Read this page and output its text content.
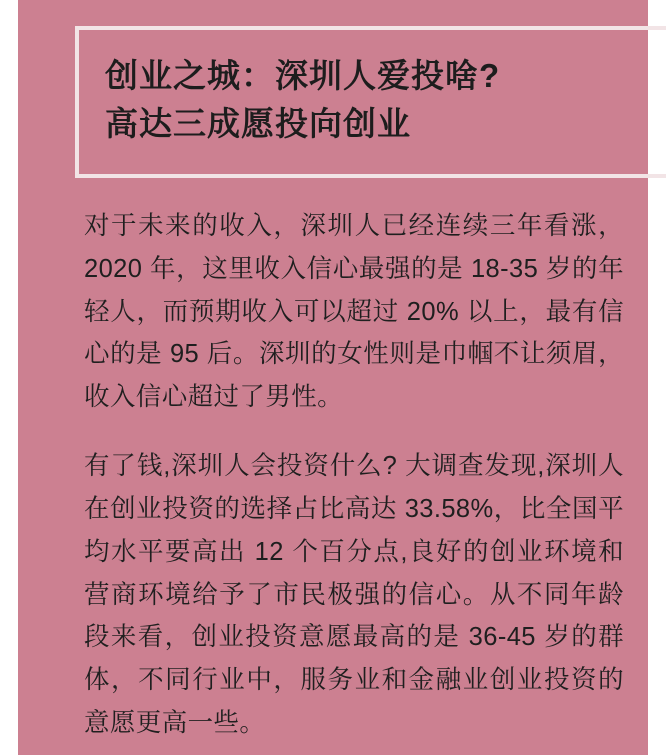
创业之城：深圳人爱投啥?
高达三成愿投向创业

对于未来的收入，深圳人已经连续三年看涨，2020 年，这里收入信心最强的是 18-35 岁的年轻人，而预期收入可以超过 20% 以上，最有信心的是 95 后。深圳的女性则是巾帼不让须眉，收入信心超过了男性。

有了钱,深圳人会投资什么? 大调查发现,深圳人在创业投资的选择占比高达 33.58%，比全国平均水平要高出 12 个百分点,良好的创业环境和营商环境给予了市民极强的信心。从不同年龄段来看，创业投资意愿最高的是 36-45 岁的群体，不同行业中，服务业和金融业创业投资的意愿更高一些。
